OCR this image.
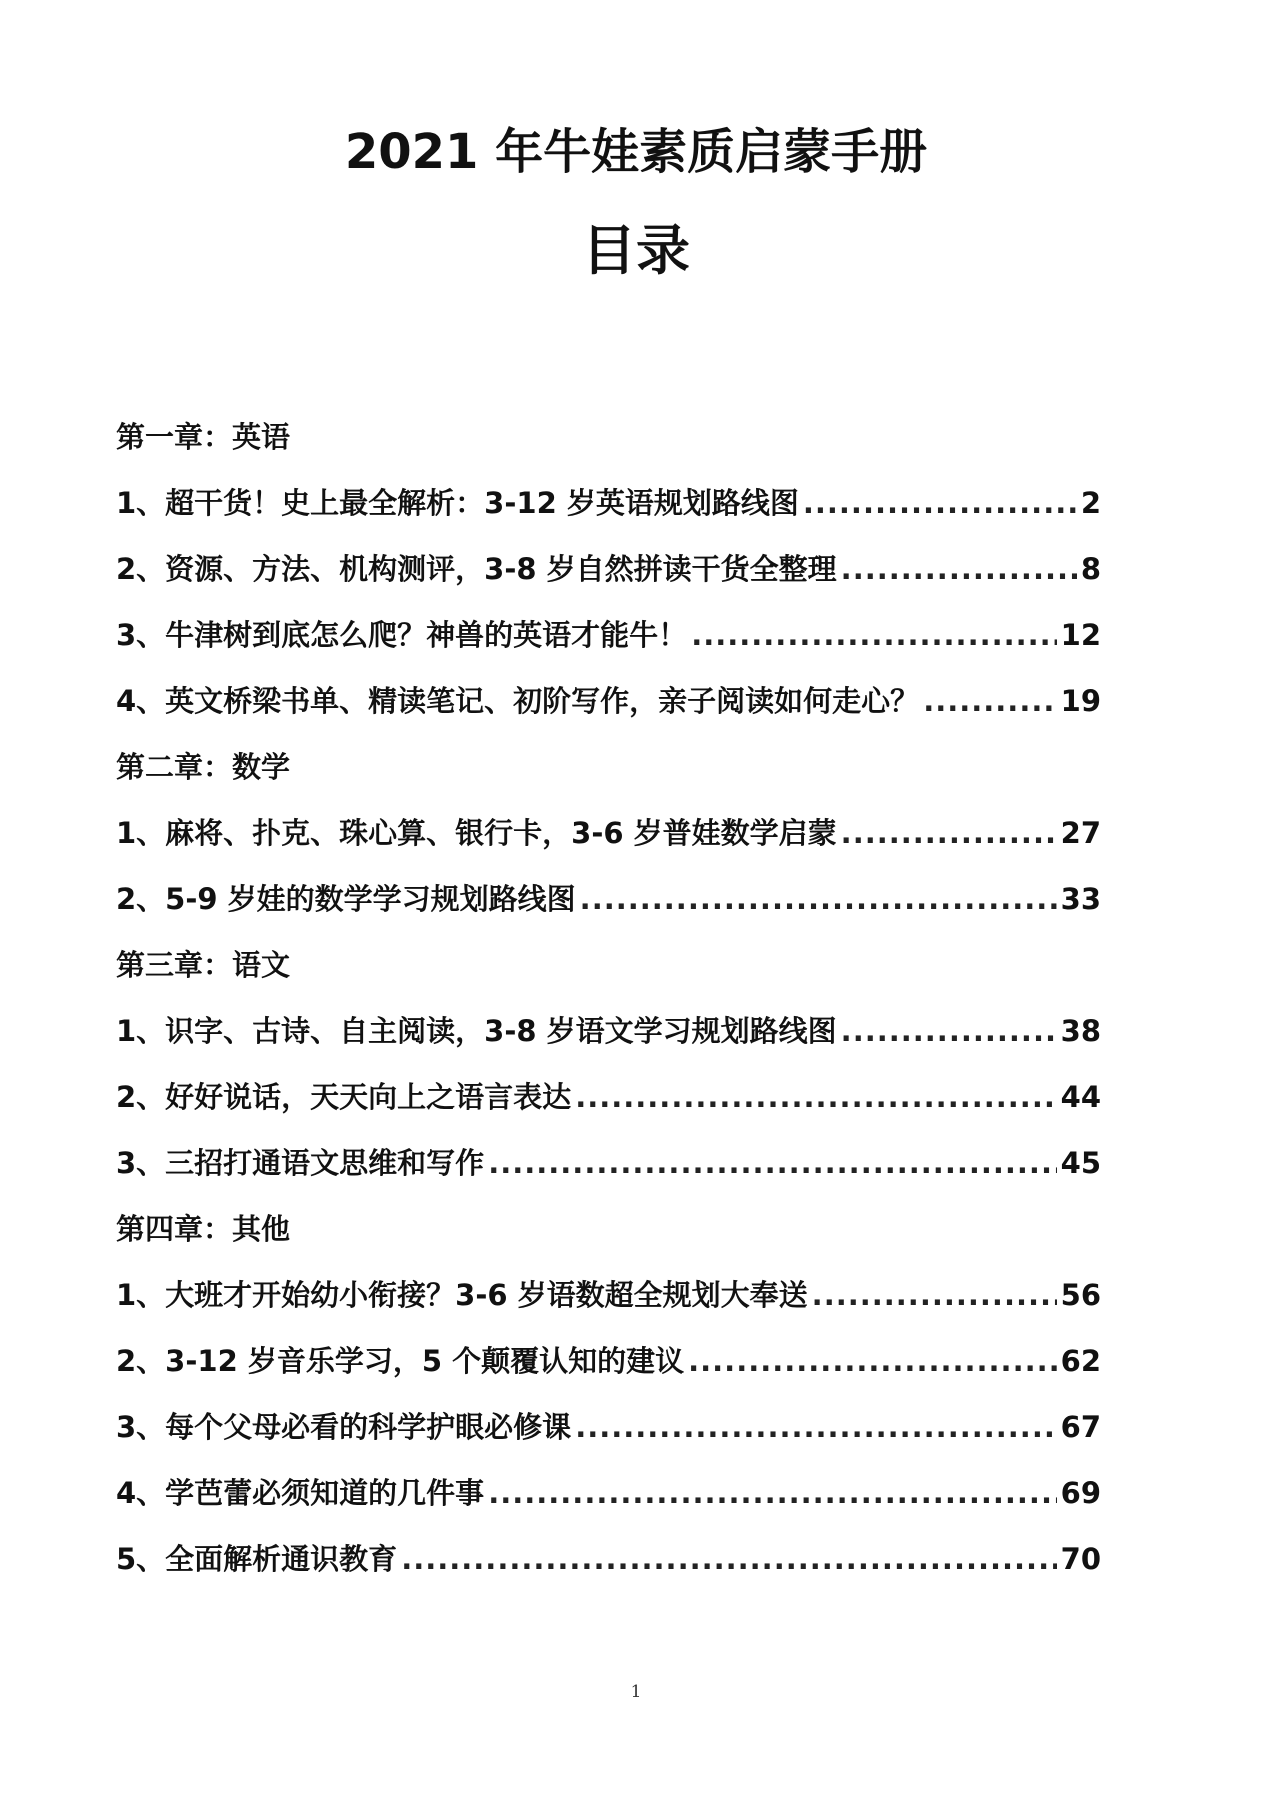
2021 年牛娃素质启蒙手册
目录
第一章：英语
1、超干货！史上最全解析：3-12 岁英语规划路线图 .....	2
2、资源、方法、机构测评，3-8 岁自然拼读干货全整理 .....	8
3、牛津树到底怎么爬？神兽的英语才能牛！ .....	12
4、英文桥梁书单、精读笔记、初阶写作，亲子阅读如何走心？ .....	19
第二章：数学
1、麻将、扑克、珠心算、银行卡，3-6 岁普娃数学启蒙 .....	27
2、5-9 岁娃的数学学习规划路线图 .....	33
第三章：语文
1、识字、古诗、自主阅读，3-8 岁语文学习规划路线图 .....	38
2、好好说话，天天向上之语言表达 .....	44
3、三招打通语文思维和写作 .....	45
第四章：其他
1、大班才开始幼小衔接？3-6 岁语数超全规划大奉送 .....	56
2、3-12 岁音乐学习，5 个颠覆认知的建议 .....	62
3、每个父母必看的科学护眼必修课 .....	67
4、学芭蕾必须知道的几件事 .....	69
5、全面解析通识教育 .....	70
1
